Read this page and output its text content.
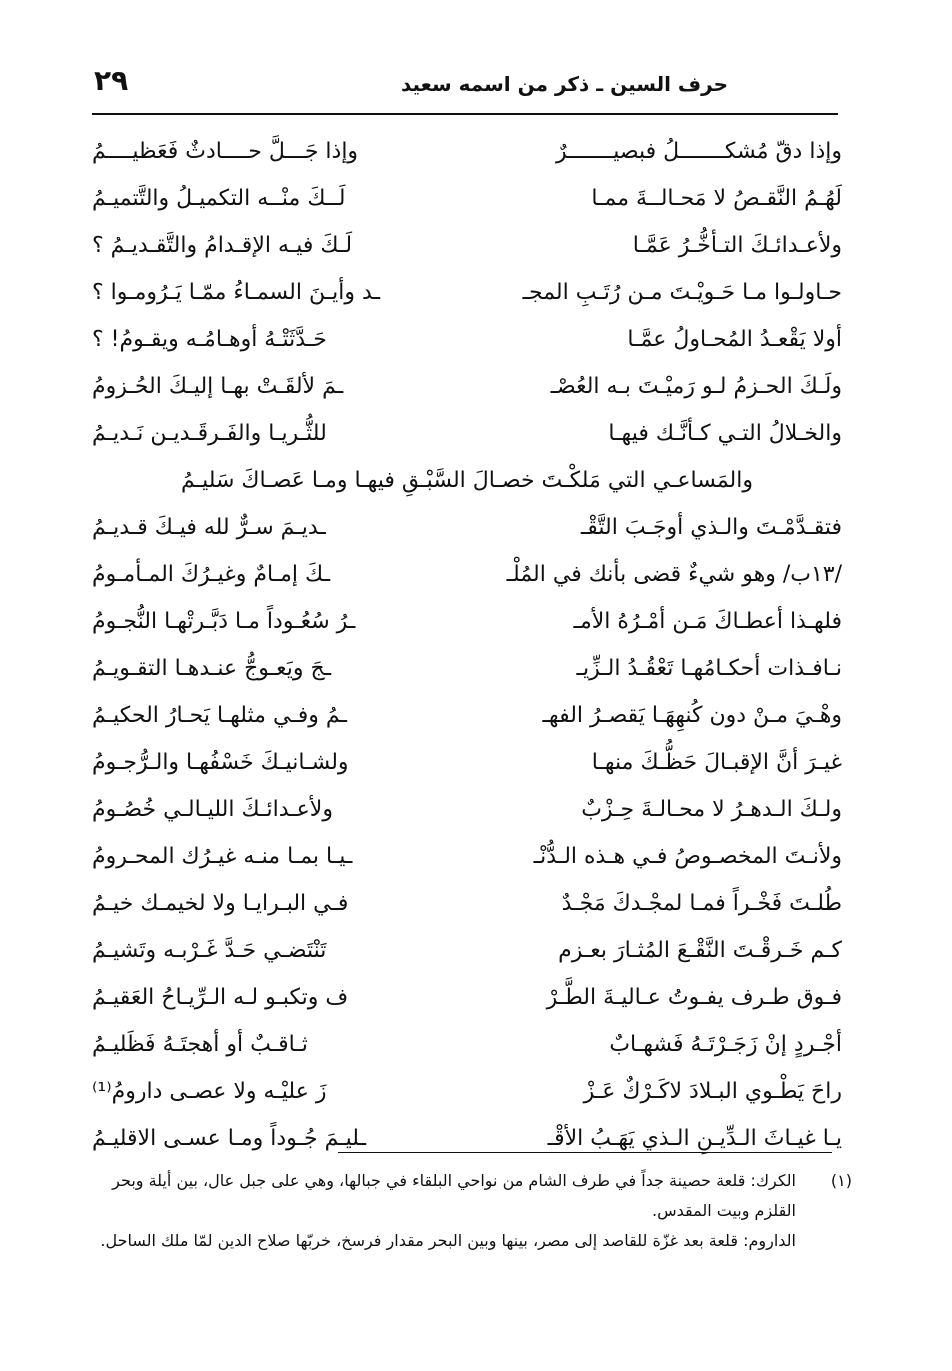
٢٩	حرف السين ـ ذكر من اسمه سعيد
وإذا دقّ مُشكـــــــلُ فبصيـــــــرٌ
وإذا جَـــلَّ حــــادثٌ فَعَظيــــمُ
لَهُـمُ النَّقـصُ لا مَحـالــةَ ممـا
لَــكَ منْــه التكميـلُ والتَّتميـمُ
ولأعـدائـكَ التـأخُّـرُ عَمَّـا
لَـكَ فيـه الإقـدامُ والتَّقـديـمُ ؟
حـاولـوا مـا حَـويْـتَ مـن رُتَـبِ المجـ
ـد وأيـنَ السمـاءُ ممّـا يَـرُومـوا ؟
أولا يَقْعـدُ المُحـاولُ عمَّـا
حَـدَّثَتْـهُ أوهـامُـه ويقـومُ! ؟
ولَـكَ الحـزمُ لـو رَميْـتَ بـه العُصْـ
ـمَ لألقَـتْ بهـا إليـكَ الحُـزومُ
والخـلالُ التـي كـأنَّـك فيهـا
للثُّـريـا والفَـرقَـديـن نَـديـمُ
والمَساعـي التي مَلكْـتَ خصـالَ السَّبْـقِ فيهـا ومـا عَصـاكَ سَليـمُ
فتقـدَّمْـتَ والـذي أوجَـبَ التَّقْـ
ـديـمَ سـرٌّ لله فيـكَ قـديـمُ
/١٣ب/ وهو شيءٌ قضى بأنك في المُلْـ
ـكَ إمـامٌ وغيـرُكَ المـأمـومُ
فلهـذا أعطـاكَ مَـن أمْـرُهُ الأمـ
ـرُ سُعُـوداً مـا دَبَّـرتْهـا النُّجـومُ
نـافـذات أحكـامُهـا تَعْقُـدُ الـزِّيـ
ـجَ ويَعـوجُّ عنـدهـا التقـويـمُ
وهْـيَ مـنْ دون كُنهِهَـا يَقصـرُ الفهـ
ـمُ وفـي مثلهـا يَحـارُ الحكيـمُ
غيـرَ أنَّ الإقبـالَ حَظُّـكَ منهـا
ولشـانيـكَ خَسْفُهـا والـرُّجـومُ
ولـكَ الـدهـرُ لا محـالـةَ حِـزْبٌ
ولأعـدائـكَ الليـالـي خُصُـومُ
ولأنـتَ المخصـوصُ فـي هـذه الـدُّنْـ
ـيـا بمـا منـه غيـرُك المحـرومُ
طُلـتَ فَخْـراً فمـا لمجْـدكَ مَجْـدٌ
فـي البـرايـا ولا لخيمـك خيـمُ
كـم خَـرقْـتَ النَّقْـعَ المُثـارَ بعـزم
تَنْتَضـي حَـدَّ غَـرْبـه وتَشيـمُ
فـوق طـرف يفـوتُ عـاليـةَ الطَّـرْ
ف وتكبـو لـه الـرِّيـاحُ العَقيـمُ
أجْـردٍ إنْ زَجَـرْتَـهُ فَشهـابٌ
ثـاقـبٌ أو أهجتَـهُ فَظَليـمُ
راحَ يَطْـوي البـلادَ لاكَـرْكٌ عَـزْ
زَ عليْـه ولا عصـى دارومُ⁽¹⁾
يـا غيـاثَ الـدِّيـنِ الـذي يَهَـبُ الأقْـ
ـليـمَ جُـوداً ومـا عسـى الاقليـمُ
(١)
الكرك: قلعة حصينة جداً في طرف الشام من نواحي البلقاء في جبالها، وهي على جبل عال، بين أيلة وبحر القلزم وبيت المقدس.
الداروم: قلعة بعد غزّة للقاصد إلى مصر، بينها وبين البحر مقدار فرسخ، خربّها صلاح الدين لمّا ملك الساحل.
